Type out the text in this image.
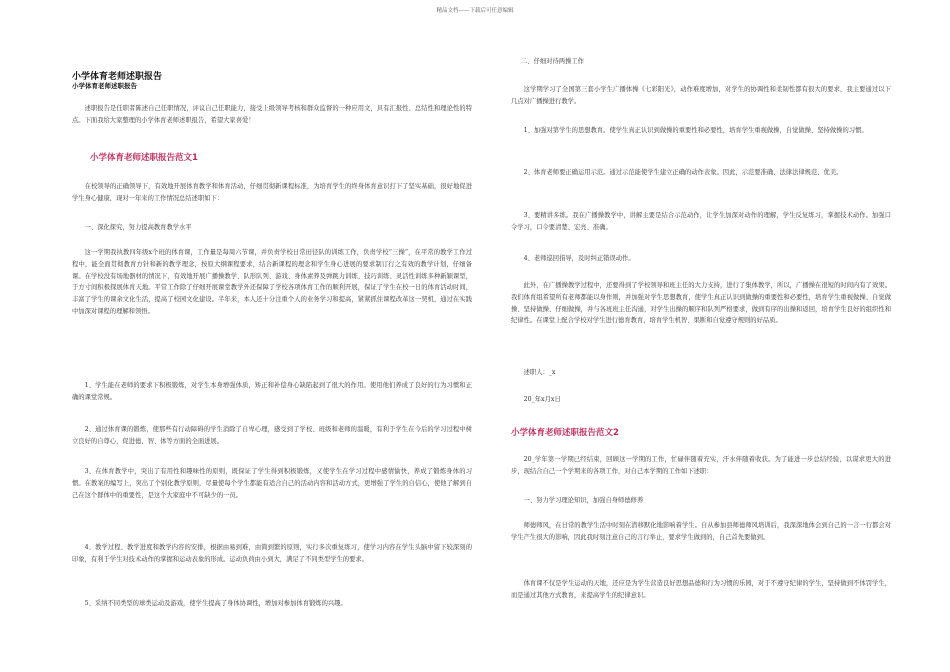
精品文档——下载后可任意编辑

小学体育老师述职报告

小学体育老师述职报告

述职报告是任职者陈述自己任职情况，评议自己任职能力，接受上级领导考核和群众监督的一种应用文，具有汇报性、总结性和理论性的特点。下面我给大家整理的小学体育老师述职报告，希望大家喜爱！

小学体育老师述职报告范文1

在校领导的正确领导下，有效地开展体育教学和体育活动，仔细贯彻新课程标准，为培育学生的终身体育意识打下了坚实基础，很好地促进学生身心健康，现对一年来的工作情况总结述职如下：

一、深化探究，努力提高教育教学水平

这一学期我执教四年级x个班的体育课，工作量是每周六节课，并负责学校日常田径队的训练工作，负责学校“三操”，在平常的教学工作过程中，能全面贯彻教育方针和新的教学理念，按原大纲课程要求，结合新课程的理念和学生身心进展的要求制订行之有效的教学计划，仔细备课。在学校没有场地器材的情况下，有效地开展广播操教学、队形队列、游戏、身体素养及弹跳力训练、技巧训练、灵活性训练多种新颖课型，于方寸间积极探展体育天地。平常工作除了仔细开展课堂教学外还保障了学校各项体育工作的顺利开展，保证了学生在校一日的体育活动时间，丰富了学生的课余文化生活，提高了校园文化建设。半年来，本人还十分注重个人的业务学习和提高，紧紧抓住课程改革这一契机，通过在实践中加深对课程的理解和领悟。

1、学生能在老师的要求下积极锻炼，对学生本身增强体质，矫正和补偿身心缺陷起到了很大的作用。使用他们养成了良好的行为习惯和正确的课堂常规。

2、通过体育课的锻炼，使那些有行动障碍的学生消除了自卑心理，感受到了学校、班级和老师的温暖，有利于学生在今后的学习过程中树立良好的自尊心，促进德、智、体等方面的全面进展。

3、在体育教学中，突出了有用性和趣味性的原则，既保证了学生得到积极锻炼，又使学生在学习过程中感情愉快，养成了锻炼身体的习惯。在教案的编写上，突出了个别化教学原则，尽量使每个学生都能有适合自己的活动内容和活动方式，更增强了学生的自信心，使他了解到自己在这个群体中的重要性，是这个大家庭中不可缺少的一员。

4、教学过程、教学进度和教学内容的安排，根据由易到难，由简到繁的原则，实行多次重复练习，使学习内容在学生头脑中留下较深刻的印象，有利于学生对技术动作的掌握和运动表象的形成。运动负荷由小到大，满足了不同类型学生的要求。

5、采纳不同类型的球类运动及游戏，使学生提高了身体协调性，增加对参加体育锻炼的兴趣。

二、仔细对待两操工作

这学期学习了全国第三套小学生广播体操《七彩阳光》，动作难度增加，对学生的协调性和柔韧性都有很大的要求，我主要通过以下几点对广播操进行教学。

1、加强对第学生的思想教育。使学生真正认识到做操的重要性和必要性，培育学生重视做操，自觉做操、坚持做操的习惯。

2、体育老师要正确运用示范。通过示范能使学生建立正确的动作表象。因此，示范要准确、法律法律规范、优美。

3、要精讲多练。我在广播操教学中，讲解主要是结合示范动作，让学生加深对动作的理解，学生反复练习，掌握技术动作。加强口令学习，口令要清楚、宏亮、准确。

4、老师巡回指导，及时纠正错误动作。

此外，在广播操教学过程中，还要得到了学校领导和班主任的大力支持，进行了集体教学，所以，广播操在很短的时间内有了效果。我们体育组希望所有老师都能以身作则，并加强对学生思想教育，使学生真正认识到做操的重要性和必要性，培育学生重视做操、自觉做操、坚持做操、仔细做操，并与各班班主任沟通，对学生出操的顺序和队列严格要求，做到有序的出操和返回，培育学生良好的组织性和纪律性。在课堂上配合学校对学生进行德育教育，培育学生机智、果断和自觉遵守规则的好品质。

述职人：_x

20_年x月x日

小学体育老师述职报告范文2

20_学年第一学期已经结束，回顾这一学期的工作，忙碌伴随着充实，汗水伴随着收获。为了能进一步总结经验，以谋求更大的进步，现结合自己一个学期来的各项工作，对自己本学期的工作如下述职：

一、努力学习理论知识，加强自身师德修养

师德师风，在日常的教学生活中时刻在潜移默化地影响着学生。自从参加县师德师风培训后，我深深地体会到自己的一言一行都会对学生产生很大的影响，因此我时刻注意自己的言行举止，要求学生做到的，自己首先要做到。

体育课不仅是学生运动的天地，还应是为学生营造良好思想品德和行为习惯的乐园，对于不遵守纪律的学生，坚持做到不体罚学生，而是通过其他方式教育，来提高学生的纪律意识。
